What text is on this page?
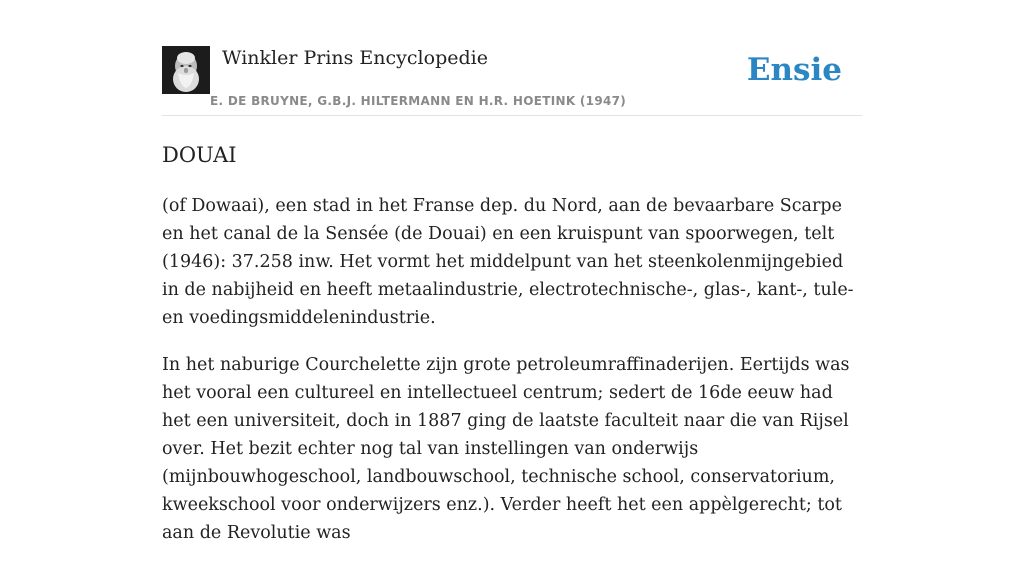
Winkler Prins Encyclopedie
E. DE BRUYNE, G.B.J. HILTERMANN EN H.R. HOETINK (1947)
Ensie
DOUAI

(of Dowaai), een stad in het Franse dep. du Nord, aan de bevaarbare Scarpe en het canal de la Sensée (de Douai) en een kruispunt van spoorwegen, telt (1946): 37.258 inw. Het vormt het middelpunt van het steenkolenmijngebied in de nabijheid en heeft metaalindustrie, electrotechnische-, glas-, kant-, tule- en voedingsmiddelenindustrie.

In het naburige Courchelette zijn grote petroleumraffinaderijen. Eertijds was het vooral een cultureel en intellectueel centrum; sedert de 16de eeuw had het een universiteit, doch in 1887 ging de laatste faculteit naar die van Rijsel over. Het bezit echter nog tal van instellingen van onderwijs (mijnbouwhogeschool, landbouwschool, technische school, conservatorium, kweekschool voor onderwijzers enz.). Verder heeft het een appèlgerecht; tot aan de Revolutie was
